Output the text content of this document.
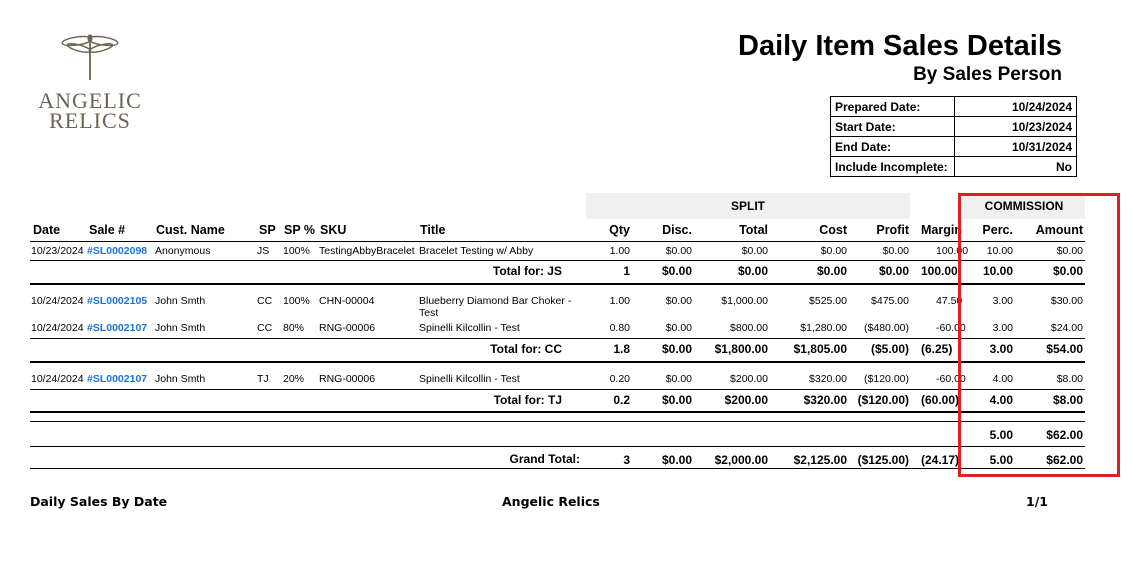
ANGELIC
RELICS
Daily Item Sales Details
By Sales Person
Prepared Date:	10/24/2024
Start Date:	10/23/2024
End Date:	10/31/2024
Include Incomplete:	No
SPLIT	COMMISSION
Date Sale # Cust. Name	SP SP % SKU	Title	Qty	Disc.	Total	Cost	Profit Margin	Perc.	Amount
10/23/2024 #SL0002098 Anonymous	JS	100% TestingAbbyBracelet Bracelet Testing w/ Abby	1.00	$0.00	$0.00	$0.00	$0.00	100.00	10.00	$0.00
10/24/2024 #SL0002105 John Smth	CC	100% CHN-00004	Blueberry Diamond Bar Choker -	1.00	$0.00	$1,000.00	$525.00	$475.00	47.50	3.00	$30.00
Test
10/24/2024 #SL0002107 John Smth	CC	80%	RNG-00006	Spinelli Kilcollin - Test	0.80	$0.00	$800.00	$1,280.00	($480.00)	-60.00	3.00	$24.00
10/24/2024 #SL0002107 John Smth	TJ	20%	RNG-00006	Spinelli Kilcollin - Test	0.20	$0.00	$200.00	$320.00	($120.00)	-60.00	4.00	$8.00
Total for: JS	1	$0.00	$0.00	$0.00	$0.00 100.00	10.00	$0.00
Total for: CC	1.8	$0.00	$1,800.00	$1,805.00	($5.00) (6.25)	3.00	$54.00
Total for: TJ	0.2	$0.00	$200.00	$320.00 ($120.00) (60.00)	4.00	$8.00
5.00	$62.00
Grand Total:	3	$0.00	$2,000.00	$2,125.00 ($125.00) (24.17)	5.00	$62.00
Daily Sales By Date	Angelic Relics	1/1
